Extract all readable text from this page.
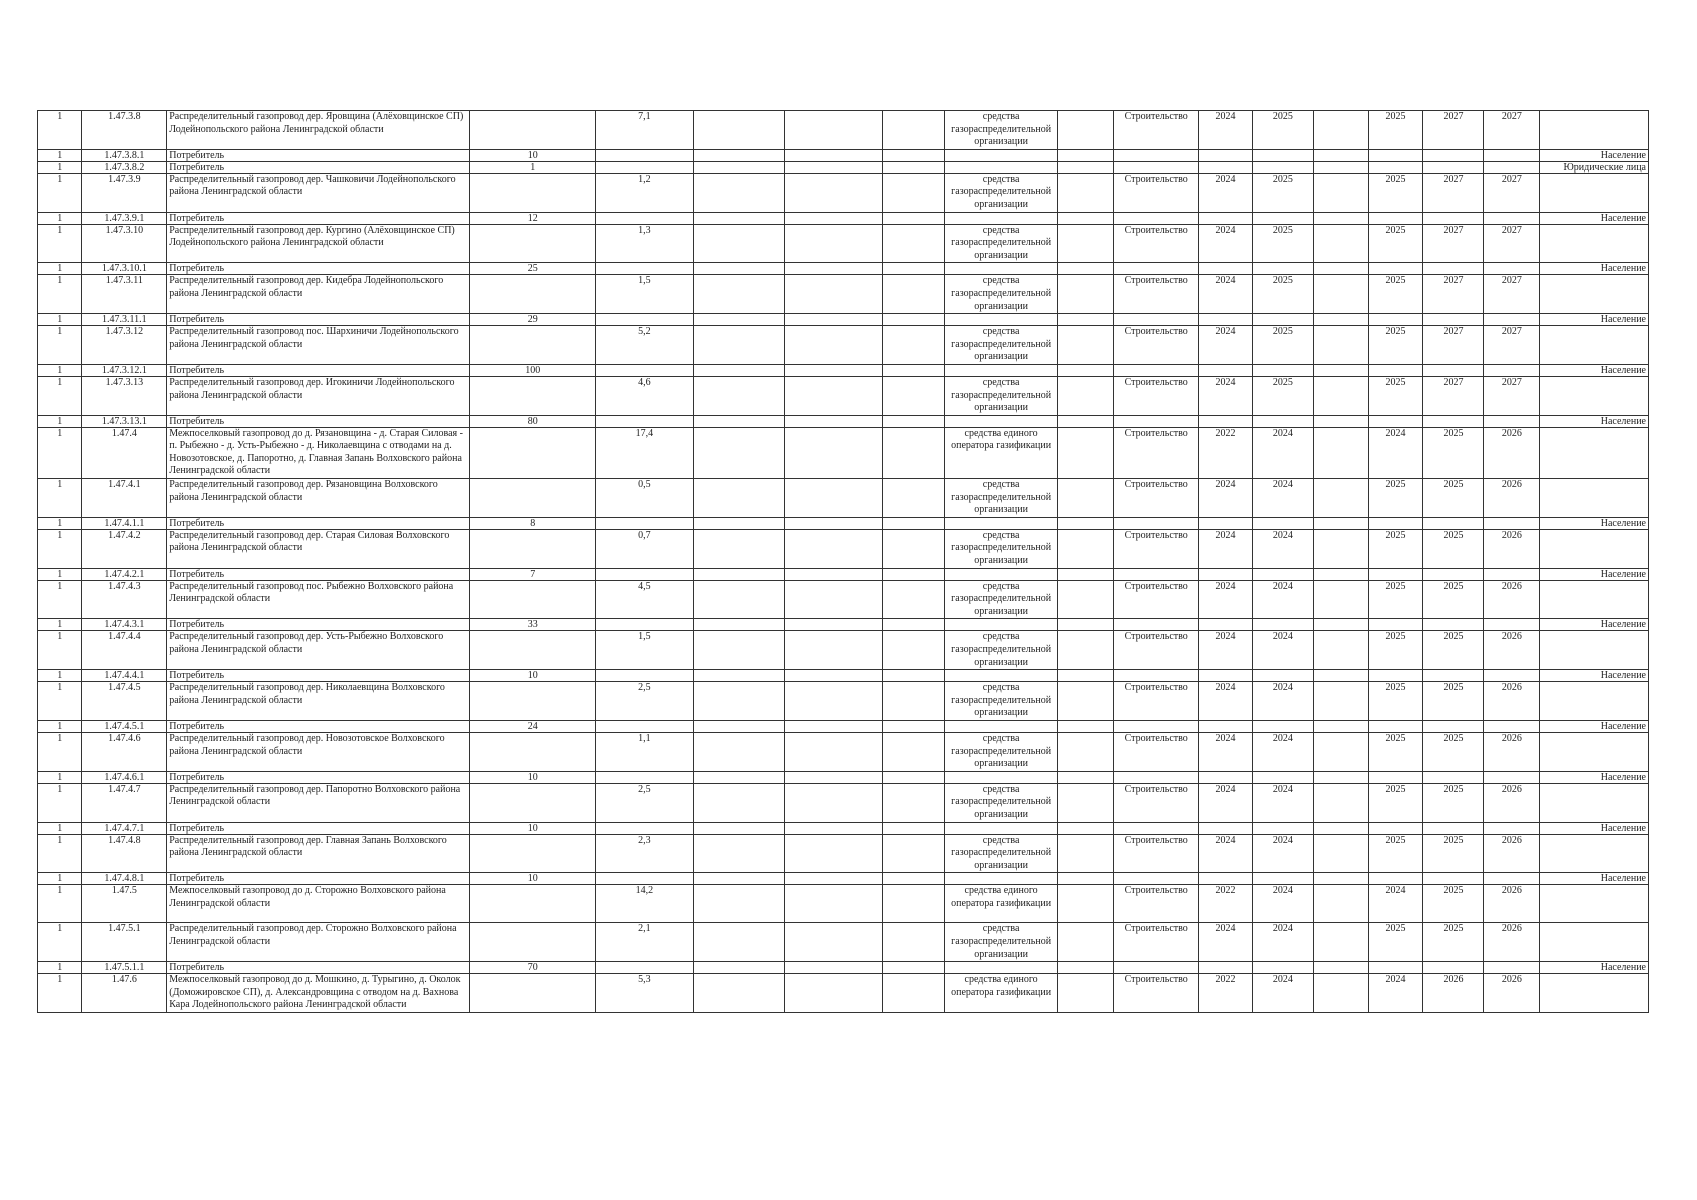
1	1.47.3.8	Распределительный газопровод дер. Яровщина (Алёховщинское СП) Лодейнопольского района Ленинградской области		7,1				средства газораспределительной организации		Строительство	2024	2025		2025	2027	2027	
1	1.47.3.8.1	Потребитель	10														Население
1	1.47.3.8.2	Потребитель	1														Юридические лица
1	1.47.3.9	Распределительный газопровод дер. Чашковичи Лодейнопольского района Ленинградской области		1,2				средства газораспределительной организации		Строительство	2024	2025		2025	2027	2027	
1	1.47.3.9.1	Потребитель	12														Население
1	1.47.3.10	Распределительный газопровод дер. Кургино (Алёховщинское СП) Лодейнопольского района Ленинградской области		1,3				средства газораспределительной организации		Строительство	2024	2025		2025	2027	2027	
1	1.47.3.10.1	Потребитель	25														Население
1	1.47.3.11	Распределительный газопровод дер. Кидебра Лодейнопольского района Ленинградской области		1,5				средства газораспределительной организации		Строительство	2024	2025		2025	2027	2027	
1	1.47.3.11.1	Потребитель	29														Население
1	1.47.3.12	Распределительный газопровод пос. Шархиничи Лодейнопольского района Ленинградской области		5,2				средства газораспределительной организации		Строительство	2024	2025		2025	2027	2027	
1	1.47.3.12.1	Потребитель	100														Население
1	1.47.3.13	Распределительный газопровод дер. Игокиничи Лодейнопольского района Ленинградской области		4,6				средства газораспределительной организации		Строительство	2024	2025		2025	2027	2027	
1	1.47.3.13.1	Потребитель	80														Население
1	1.47.4	Межпоселковый газопровод до д. Рязановщина - д. Старая Силовая - п. Рыбежно - д. Усть-Рыбежно - д. Николаевщина с отводами на д. Новозотовское, д. Папоротно, д. Главная Запань Волховского района Ленинградской области		17,4				средства единого оператора газификации		Строительство	2022	2024		2024	2025	2026	
1	1.47.4.1	Распределительный газопровод дер. Рязановщина Волховского района Ленинградской области		0,5				средства газораспределительной организации		Строительство	2024	2024		2025	2025	2026	
1	1.47.4.1.1	Потребитель	8														Население
1	1.47.4.2	Распределительный газопровод дер. Старая Силовая Волховского района Ленинградской области		0,7				средства газораспределительной организации		Строительство	2024	2024		2025	2025	2026	
1	1.47.4.2.1	Потребитель	7														Население
1	1.47.4.3	Распределительный газопровод пос. Рыбежно Волховского района Ленинградской области		4,5				средства газораспределительной организации		Строительство	2024	2024		2025	2025	2026	
1	1.47.4.3.1	Потребитель	33														Население
1	1.47.4.4	Распределительный газопровод дер. Усть-Рыбежно Волховского района Ленинградской области		1,5				средства газораспределительной организации		Строительство	2024	2024		2025	2025	2026	
1	1.47.4.4.1	Потребитель	10														Население
1	1.47.4.5	Распределительный газопровод дер. Николаевщина Волховского района Ленинградской области		2,5				средства газораспределительной организации		Строительство	2024	2024		2025	2025	2026	
1	1.47.4.5.1	Потребитель	24														Население
1	1.47.4.6	Распределительный газопровод дер. Новозотовское Волховского района Ленинградской области		1,1				средства газораспределительной организации		Строительство	2024	2024		2025	2025	2026	
1	1.47.4.6.1	Потребитель	10														Население
1	1.47.4.7	Распределительный газопровод дер. Папоротно Волховского района Ленинградской области		2,5				средства газораспределительной организации		Строительство	2024	2024		2025	2025	2026	
1	1.47.4.7.1	Потребитель	10														Население
1	1.47.4.8	Распределительный газопровод дер. Главная Запань Волховского района Ленинградской области		2,3				средства газораспределительной организации		Строительство	2024	2024		2025	2025	2026	
1	1.47.4.8.1	Потребитель	10														Население
1	1.47.5	Межпоселковый газопровод до д. Сторожно Волховского района Ленинградской области		14,2				средства единого оператора газификации		Строительство	2022	2024		2024	2025	2026	
1	1.47.5.1	Распределительный газопровод дер. Сторожно Волховского района Ленинградской области		2,1				средства газораспределительной организации		Строительство	2024	2024		2025	2025	2026	
1	1.47.5.1.1	Потребитель	70														Население
1	1.47.6	Межпоселковый газопровод до д. Мошкино, д. Турыгино, д. Околок (Доможировское СП), д. Александровщина с отводом на д. Вахнова Кара Лодейнопольского района Ленинградской области		5,3				средства единого оператора газификации		Строительство	2022	2024		2024	2026	2026	
